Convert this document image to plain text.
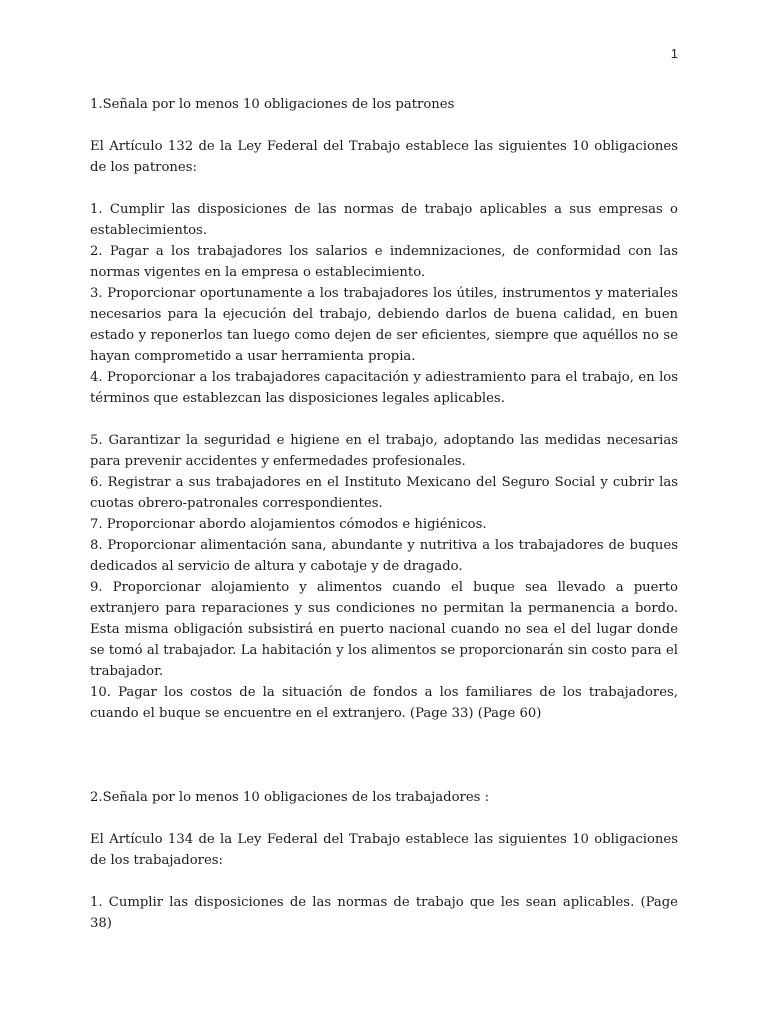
1

1.Señala por lo menos 10 obligaciones de los patrones

El Artículo 132 de la Ley Federal del Trabajo establece las siguientes 10 obligaciones de los patrones:

1. Cumplir las disposiciones de las normas de trabajo aplicables a sus empresas o establecimientos.

2. Pagar a los trabajadores los salarios e indemnizaciones, de conformidad con las normas vigentes en la empresa o establecimiento.

3. Proporcionar oportunamente a los trabajadores los útiles, instrumentos y materiales necesarios para la ejecución del trabajo, debiendo darlos de buena calidad, en buen estado y reponerlos tan luego como dejen de ser eficientes, siempre que aquéllos no se hayan comprometido a usar herramienta propia.

4. Proporcionar a los trabajadores capacitación y adiestramiento para el trabajo, en los términos que establezcan las disposiciones legales aplicables.

5. Garantizar la seguridad e higiene en el trabajo, adoptando las medidas necesarias para prevenir accidentes y enfermedades profesionales.

6. Registrar a sus trabajadores en el Instituto Mexicano del Seguro Social y cubrir las cuotas obrero-patronales correspondientes.

7. Proporcionar abordo alojamientos cómodos e higiénicos.

8. Proporcionar alimentación sana, abundante y nutritiva a los trabajadores de buques dedicados al servicio de altura y cabotaje y de dragado.

9. Proporcionar alojamiento y alimentos cuando el buque sea llevado a puerto extranjero para reparaciones y sus condiciones no permitan la permanencia a bordo. Esta misma obligación subsistirá en puerto nacional cuando no sea el del lugar donde se tomó al trabajador. La habitación y los alimentos se proporcionarán sin costo para el trabajador.

10. Pagar los costos de la situación de fondos a los familiares de los trabajadores, cuando el buque se encuentre en el extranjero. (Page 33) (Page 60)

2.Señala por lo menos 10 obligaciones de los trabajadores :

El Artículo 134 de la Ley Federal del Trabajo establece las siguientes 10 obligaciones de los trabajadores:

1. Cumplir las disposiciones de las normas de trabajo que les sean aplicables. (Page 38)
